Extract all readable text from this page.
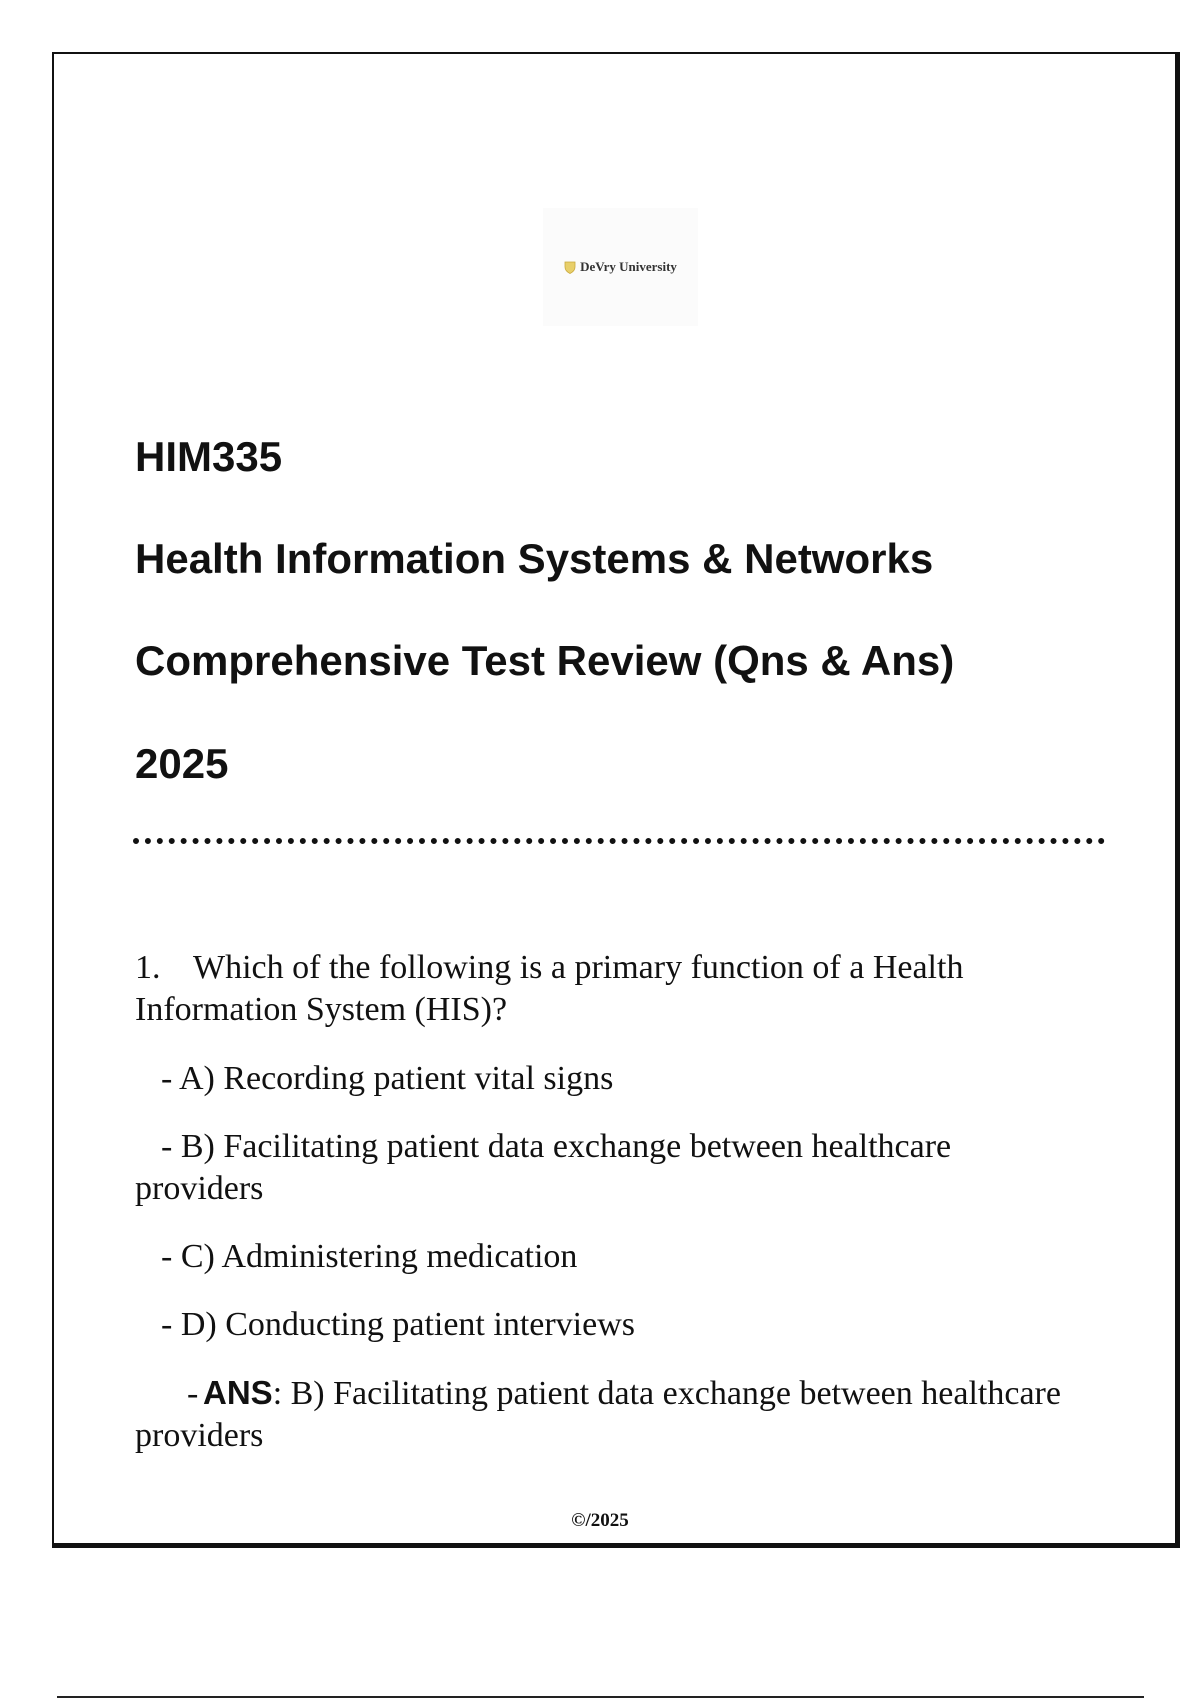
DeVry University
HIM335
Health Information Systems & Networks
Comprehensive Test Review (Qns & Ans)
2025
1. Which of the following is a primary function of a Health Information System (HIS)?

- A) Recording patient vital signs

- B) Facilitating patient data exchange between healthcare providers

- C) Administering medication

- D) Conducting patient interviews

- ANS: B) Facilitating patient data exchange between healthcare providers

©/2025
